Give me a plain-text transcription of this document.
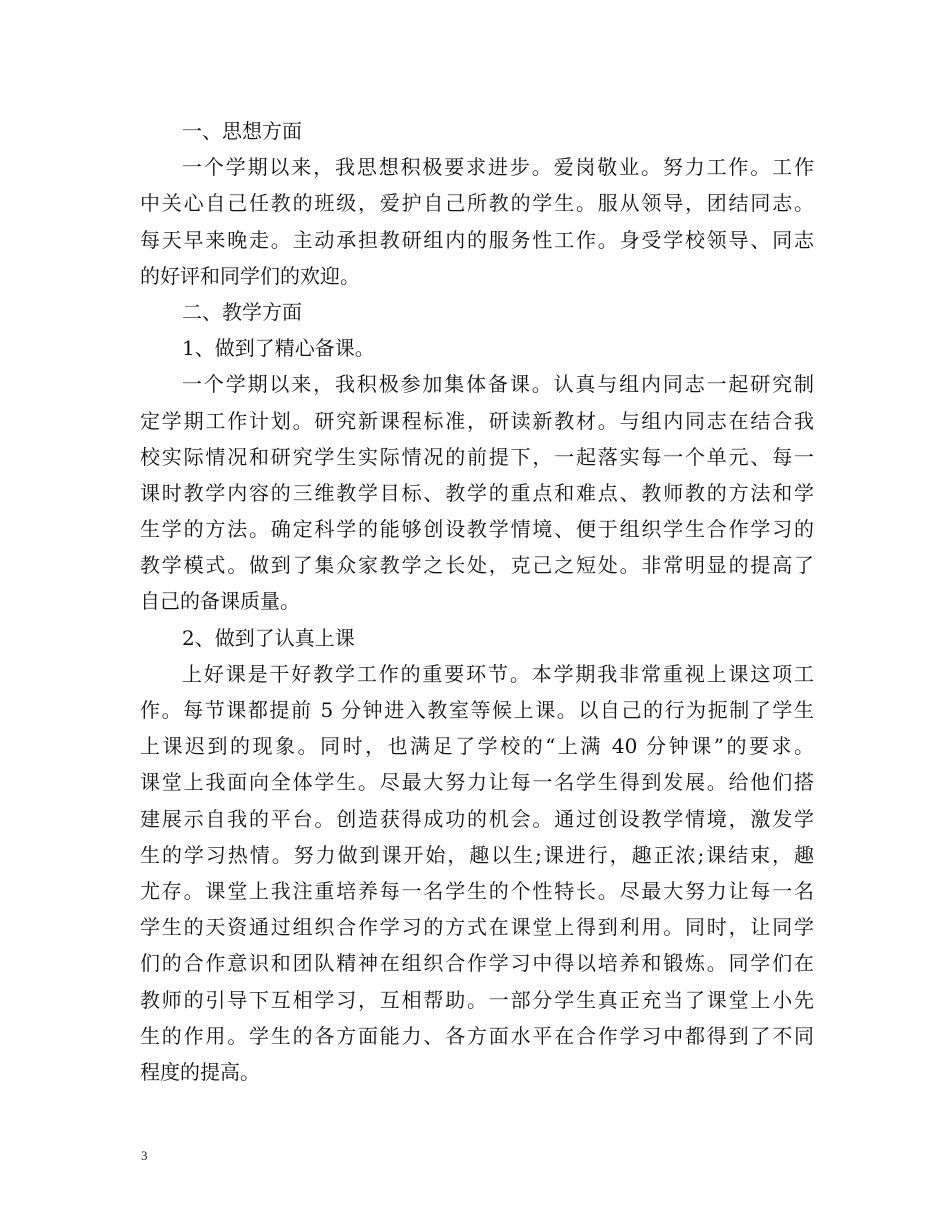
一、思想方面
一个学期以来，我思想积极要求进步。爱岗敬业。努力工作。工作
中关心自己任教的班级，爱护自己所教的学生。服从领导，团结同志。
每天早来晚走。主动承担教研组内的服务性工作。身受学校领导、同志
的好评和同学们的欢迎。
二、教学方面
1、做到了精心备课。
一个学期以来，我积极参加集体备课。认真与组内同志一起研究制
定学期工作计划。研究新课程标准，研读新教材。与组内同志在结合我
校实际情况和研究学生实际情况的前提下，一起落实每一个单元、每一
课时教学内容的三维教学目标、教学的重点和难点、教师教的方法和学
生学的方法。确定科学的能够创设教学情境、便于组织学生合作学习的
教学模式。做到了集众家教学之长处，克己之短处。非常明显的提高了
自己的备课质量。
2、做到了认真上课
上好课是干好教学工作的重要环节。本学期我非常重视上课这项工
作。每节课都提前 5 分钟进入教室等候上课。以自己的行为扼制了学生
上课迟到的现象。同时，也满足了学校的“上满 40 分钟课”的要求。
课堂上我面向全体学生。尽最大努力让每一名学生得到发展。给他们搭
建展示自我的平台。创造获得成功的机会。通过创设教学情境，激发学
生的学习热情。努力做到课开始，趣以生;课进行，趣正浓;课结束，趣
尤存。课堂上我注重培养每一名学生的个性特长。尽最大努力让每一名
学生的天资通过组织合作学习的方式在课堂上得到利用。同时，让同学
们的合作意识和团队精神在组织合作学习中得以培养和锻炼。同学们在
教师的引导下互相学习，互相帮助。一部分学生真正充当了课堂上小先
生的作用。学生的各方面能力、各方面水平在合作学习中都得到了不同
程度的提高。
3
